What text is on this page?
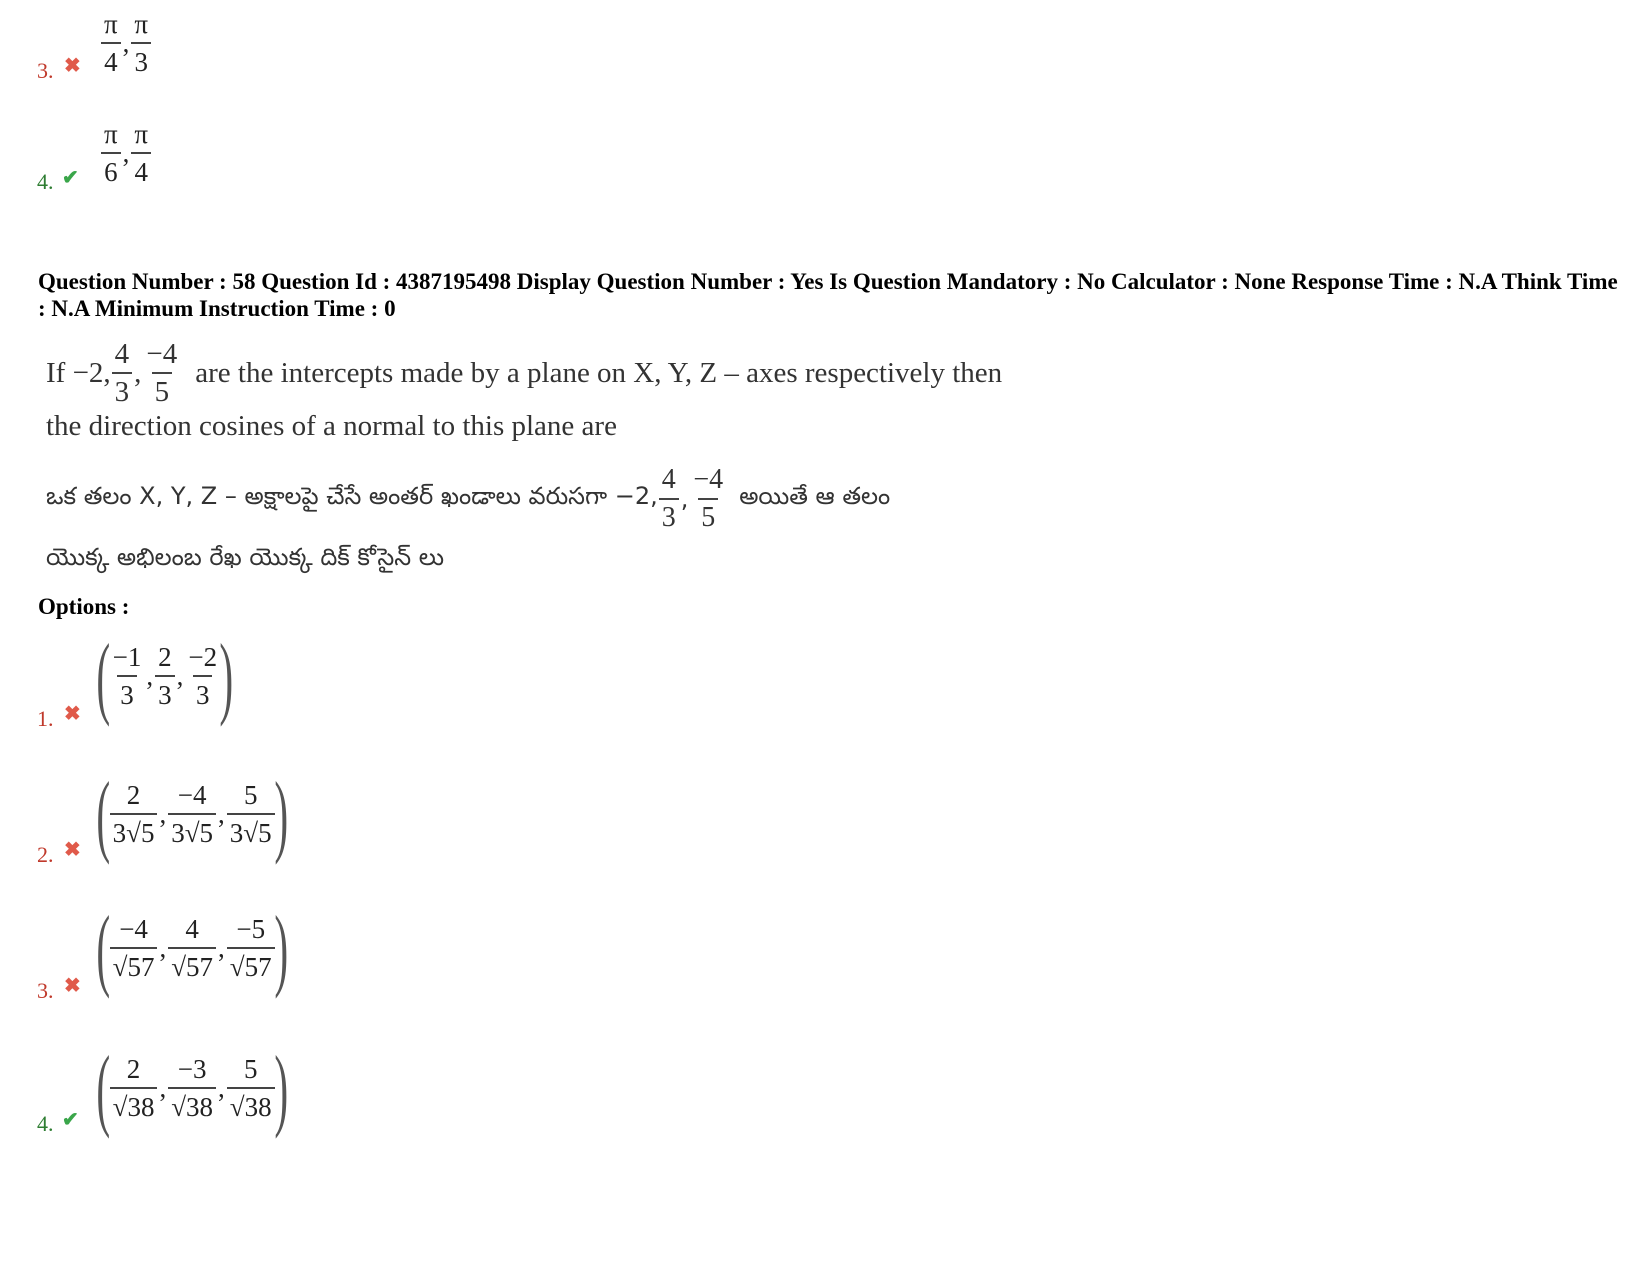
3. ✖ $\frac{\pi}{4}$ , $\frac{\pi}{3}$
4. ✔ $\frac{\pi}{6}$ , $\frac{\pi}{4}$
Question Number : 58 Question Id : 4387195498 Display Question Number : Yes Is Question Mandatory : No Calculator : None Response Time : N.A Think Time : N.A Minimum Instruction Time : 0
If −2, $\frac{4}{3}$ , $\frac{-4}{5}$ are the intercepts made by a plane on X, Y, Z – axes respectively then
the direction cosines of a normal to this plane are
ఒక తలం X, Y, Z – అక్షాలపై చేసే అంతర్ ఖండాలు వరుసగా −2, $\frac{4}{3}$ , $\frac{-4}{5}$ అయితే ఆ తలం
యొక్క అభిలంబ రేఖ యొక్క దిక్ కోసైన్ లు
Options :
1. ✖ ( $\frac{-1}{3}$ , $\frac{2}{3}$ , $\frac{-2}{3}$ )
2. ✖ ( $\frac{2}{3√5}$ , $\frac{-4}{3√5}$ , $\frac{5}{3√5}$ )
3. ✖ ( $\frac{-4}{√57}$ , $\frac{4}{√57}$ , $\frac{-5}{√57}$ )
4. ✔ ( $\frac{2}{√38}$ , $\frac{-3}{√38}$ , $\frac{5}{√38}$ )
